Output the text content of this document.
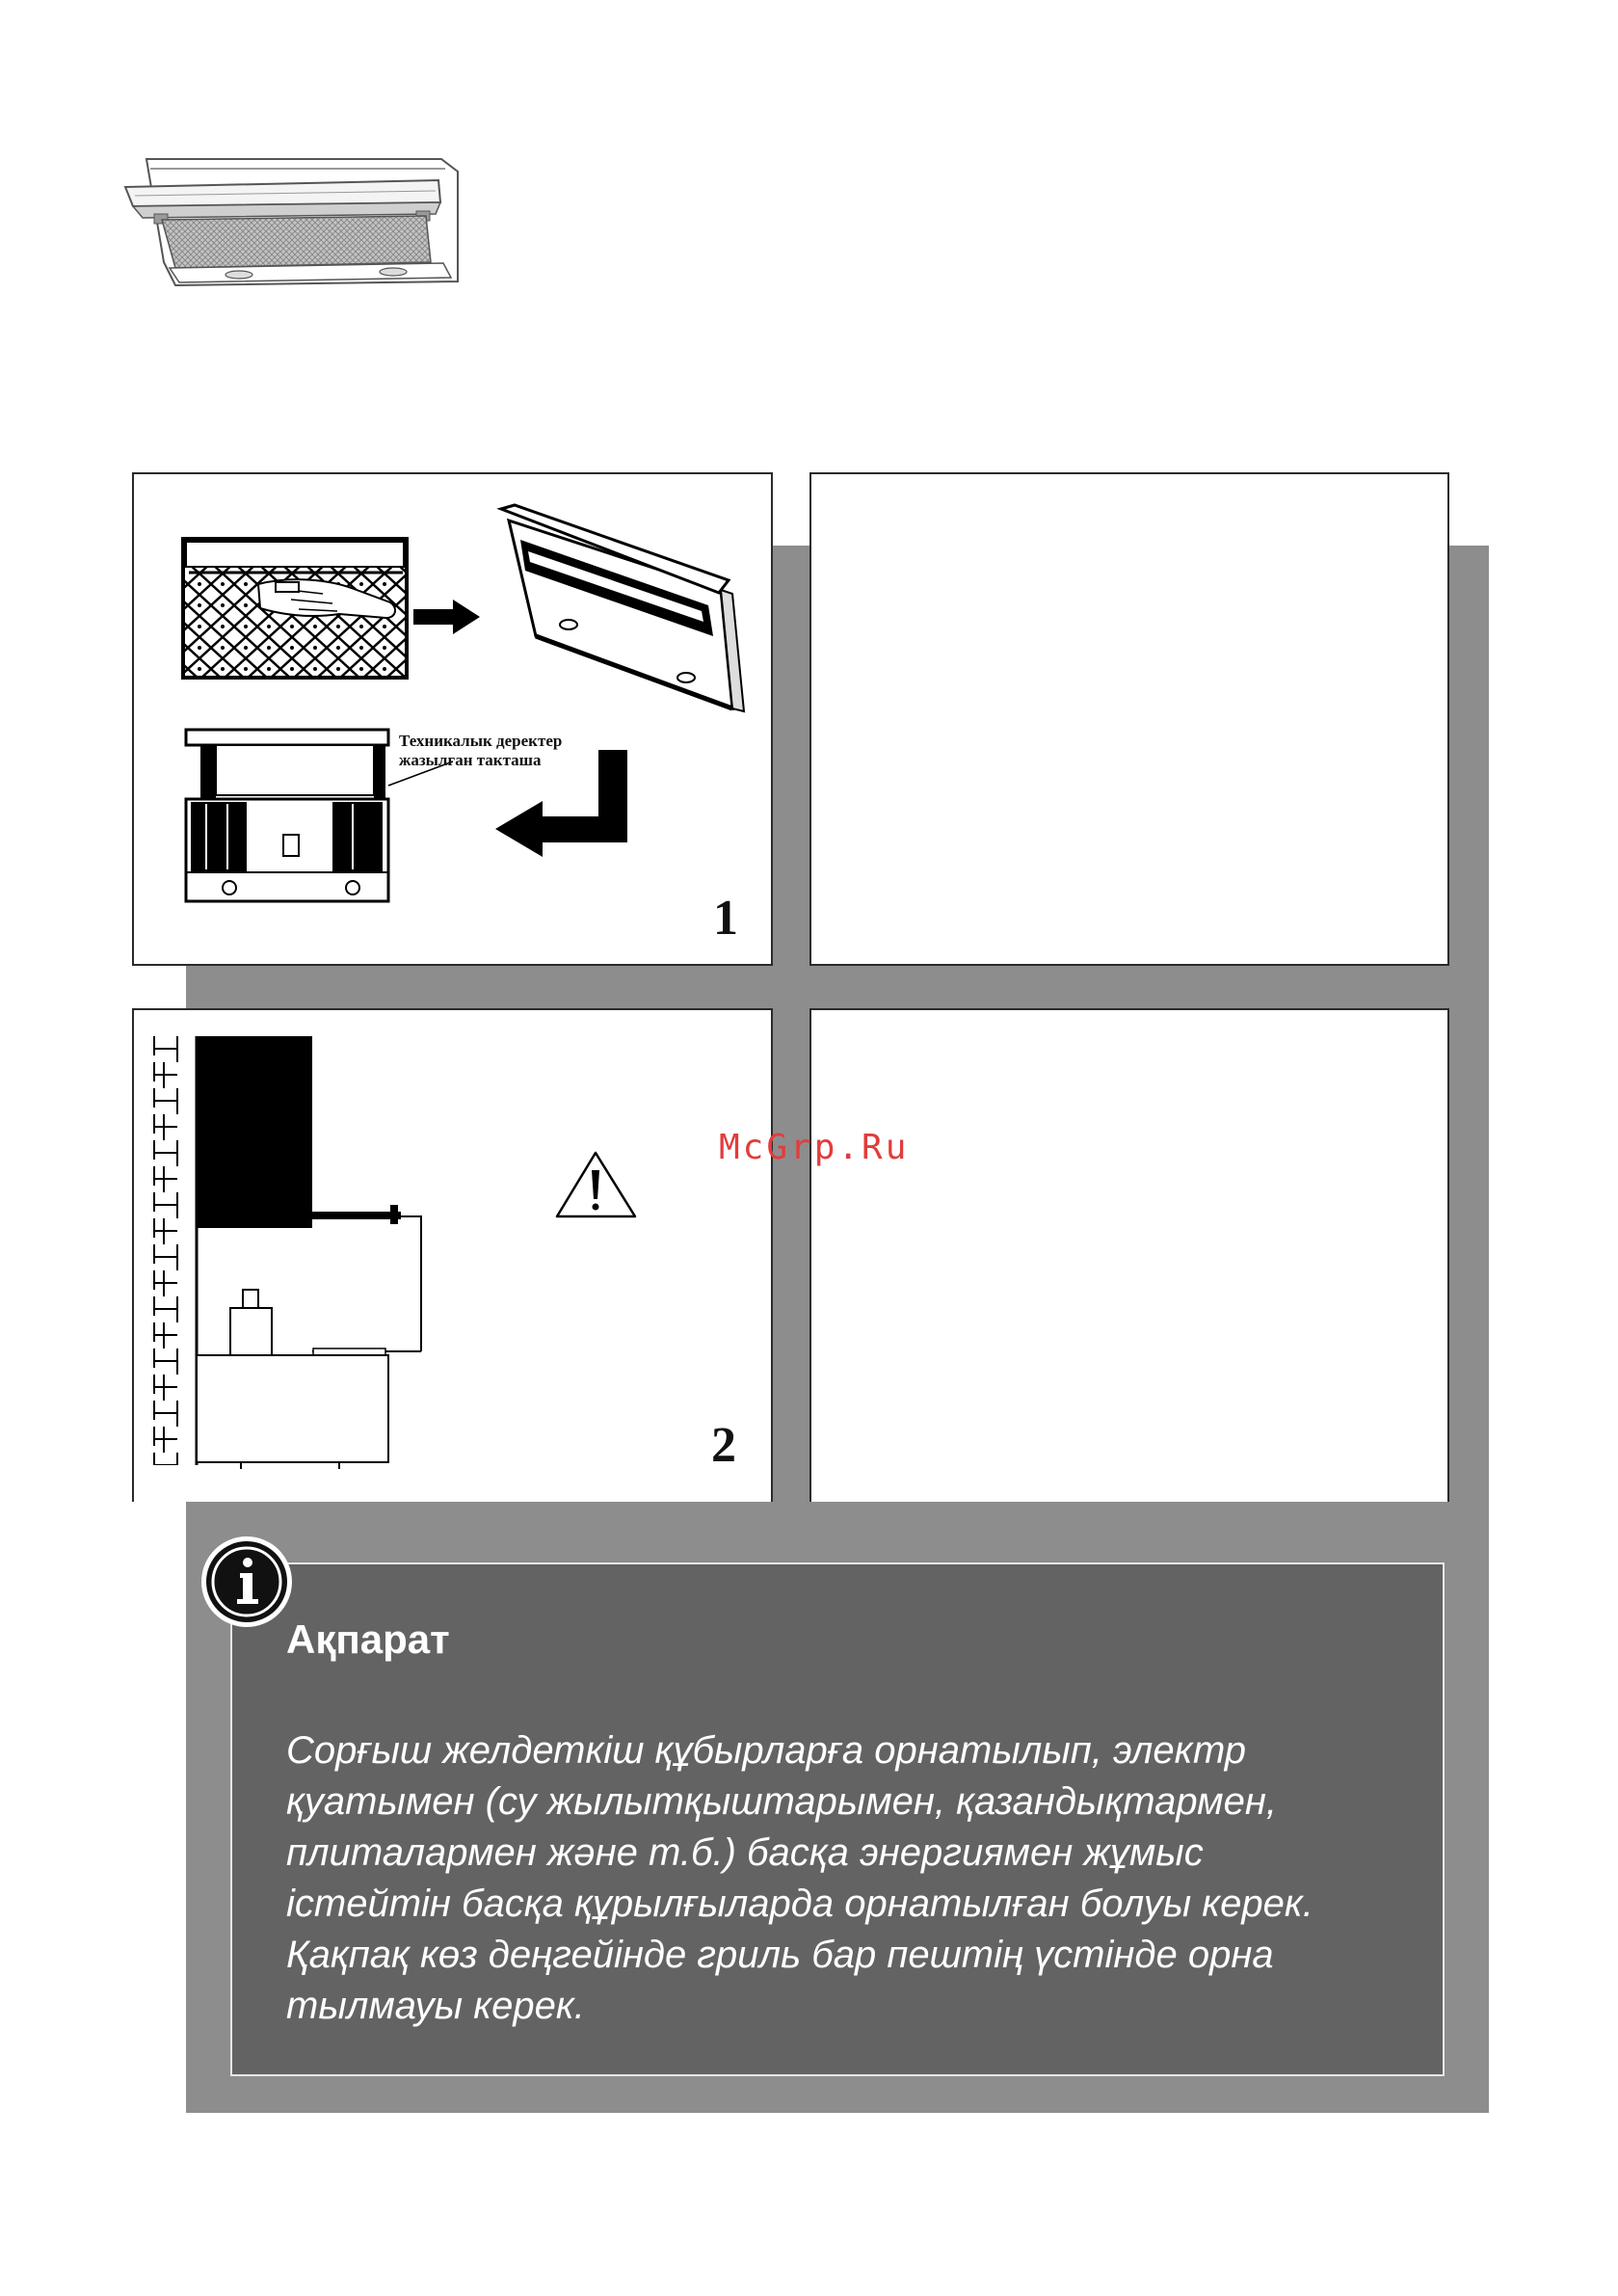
Техникалык деректер
жазылган такташа
1
2
McGrp.Ru
Ақпарат
Сорғыш желдеткіш құбырларға орнатылып, электр
қуатымен (су жылытқыштарымен, қазандықтармен,
плиталармен және т.б.) басқа энергиямен жұмыс
істейтін басқа құрылғыларда орнатылған болуы керек.
Қақпақ көз деңгейінде гриль бар пештің үстінде орна
тылмауы керек.
